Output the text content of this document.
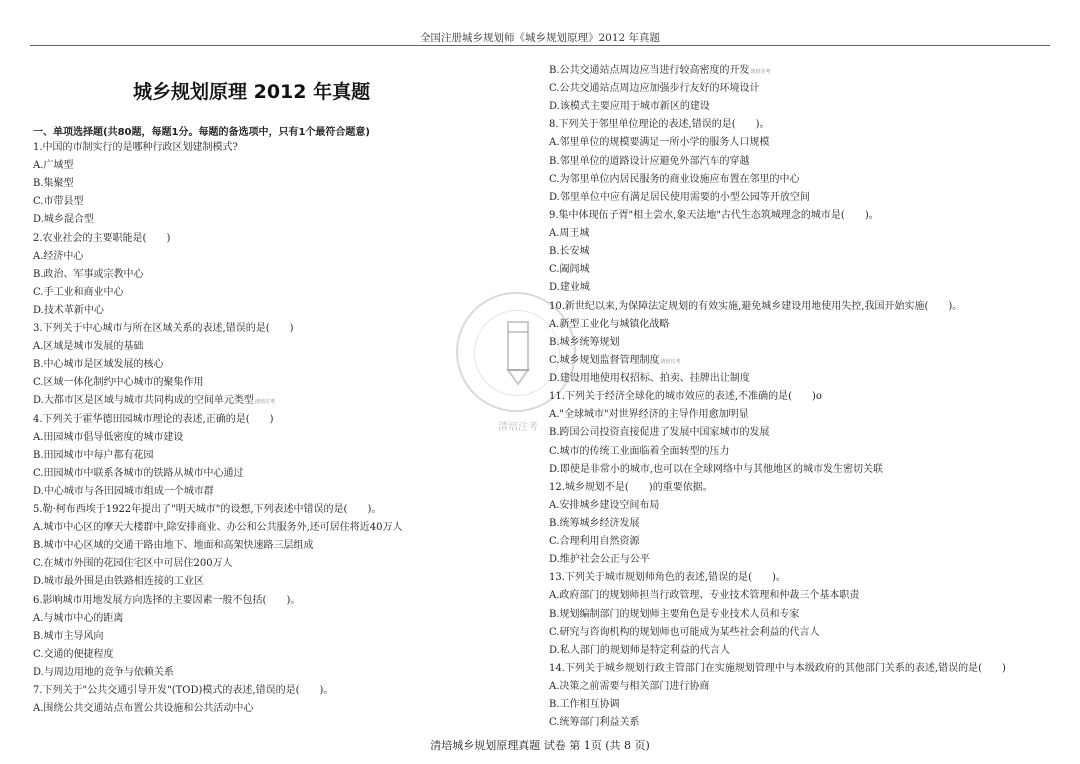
全国注册城乡规划师《城乡规划原理》2012 年真题
城乡规划原理 2012 年真题
一、单项选择题(共80题，每题1分。每题的备选项中，只有1个最符合题意)
清培注考
1.中国的市制实行的是哪种行政区划建制模式?
A.广域型
B.集聚型
C.市带县型
D.城乡混合型
2.农业社会的主要职能是(　　)
A.经济中心
B.政治、军事或宗教中心
C.手工业和商业中心
D.技术革新中心
3.下列关于中心城市与所在区域关系的表述,错误的是(　　)
A.区域是城市发展的基础
B.中心城市是区域发展的核心
C.区域一体化制约中心城市的聚集作用
D.大都市区是区域与城市共同构成的空间单元类型清培注考
4.下列关于霍华德田园城市理论的表述,正确的是(　　)
A.田园城市倡导低密度的城市建设
B.田园城市中每户都有花园
C.田园城市中联系各城市的铁路从城市中心通过
D.中心城市与各田园城市组成一个城市群
5.勒·柯布西埃于1922年提出了"明天城市"的设想,下列表述中错误的是(　　)。
A.城市中心区的摩天大楼群中,除安排商业、办公和公共服务外,还可居住将近40万人
B.城市中心区域的交通干路由地下、地面和高架快速路三层组成
C.在城市外围的花园住宅区中可居住200万人
D.城市最外围是由铁路相连接的工业区
6.影响城市用地发展方向选择的主要因素一般不包括(　　)。
A.与城市中心的距离
B.城市主导风向
C.交通的便捷程度
D.与周边用地的竞争与依赖关系
7.下列关于"公共交通引导开发"(TOD)模式的表述,错误的是(　　)。
A.围绕公共交通站点布置公共设施和公共活动中心
B.公共交通站点周边应当进行较高密度的开发清培注考
C.公共交通站点周边应加强步行友好的环境设计
D.该模式主要应用于城市新区的建设
8.下列关于邻里单位理论的表述,错误的是(　　)。
A.邻里单位的规模要满足一所小学的服务人口规模
B.邻里单位的道路设计应避免外部汽车的穿越
C.为邻里单位内居民服务的商业设施应布置在邻里的中心
D.邻里单位中应有满足居民使用需要的小型公园等开放空间
9.集中体现伍子胥"相土尝水,象天法地"古代生态筑城理念的城市是(　　)。
A.周王城
B.长安城
C.阖闾城
D.建业城
10.新世纪以来,为保障法定规划的有效实施,避免城乡建设用地使用失控,我国开始实施(　　)。
A.新型工业化与城镇化战略
B.城乡统筹规划
C.城乡规划监督管理制度清培注考
D.建设用地使用权招标、拍卖、挂牌出让制度
11.下列关于经济全球化的城市效应的表述,不准确的是(　　)o
A."全球城市"对世界经济的主导作用愈加明显
B.跨国公司投资直接促进了发展中国家城市的发展
C.城市的传统工业面临着全面转型的压力
D.即使是非常小的城市,也可以在全球网络中与其他地区的城市发生密切关联
12.城乡规划不是(　　)的重要依据。
A.安排城乡建设空间布局
B.统筹城乡经济发展
C.合理利用自然资源
D.维护社会公正与公平
13.下列关于城市规划师角色的表述,错误的是(　　)。
A.政府部门的规划师担当行政管理、专业技术管理和仲裁三个基本职责
B.规划编制部门的规划师主要角色是专业技术人员和专家
C.研究与咨询机构的规划师也可能成为某些社会利益的代言人
D.私人部门的规划师是特定利益的代言人
14.下列关于城乡规划行政主管部门在实施规划管理中与本级政府的其他部门关系的表述,错误的是(　　)
A.决策之前需要与相关部门进行协商
B.工作相互协调
C.统筹部门利益关系
清培城乡规划原理真题 试卷 第 1页 (共 8 页)
